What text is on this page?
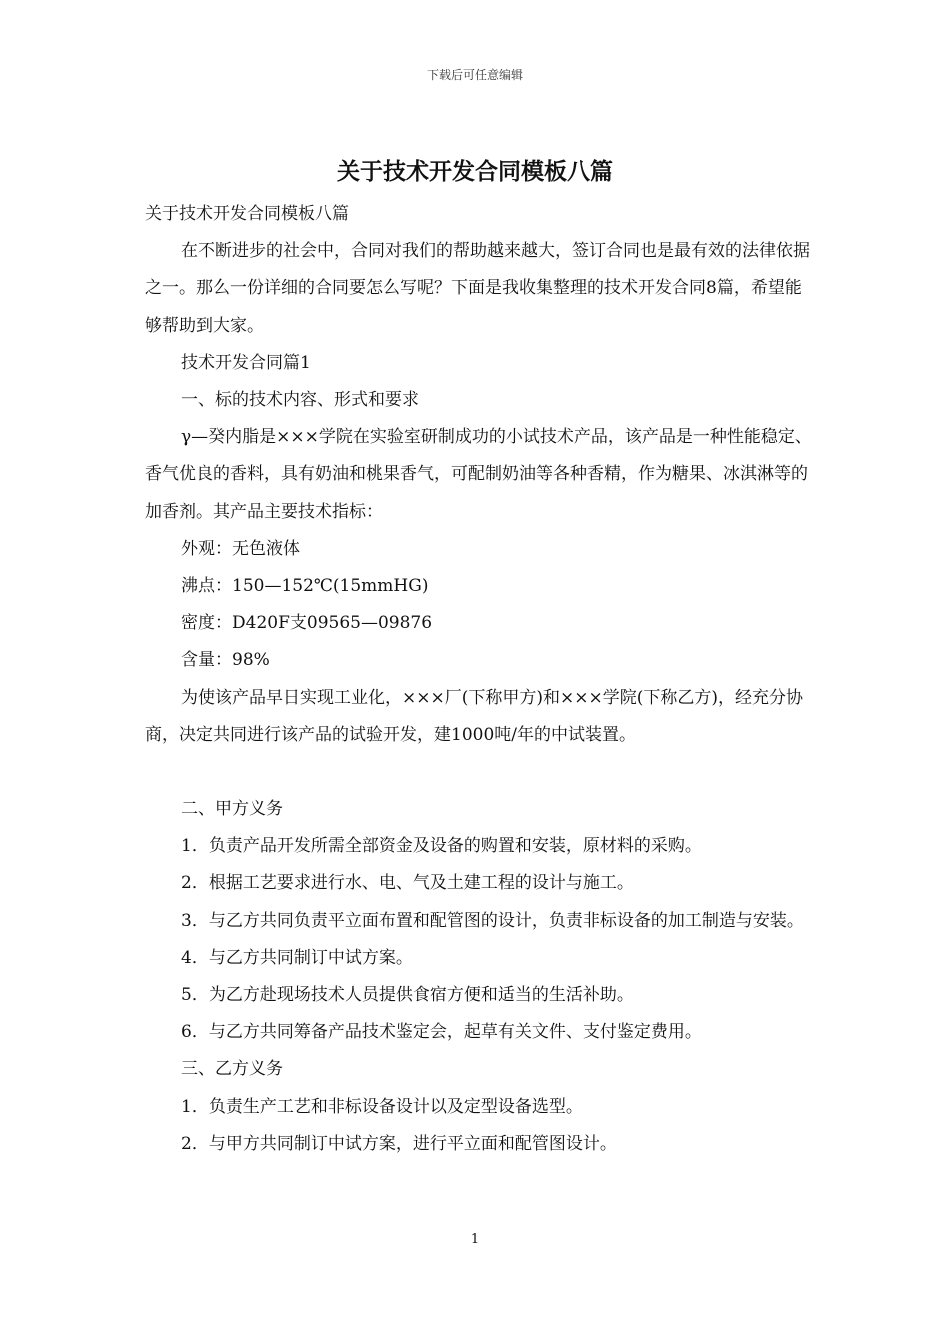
下载后可任意编辑
关于技术开发合同模板八篇

关于技术开发合同模板八篇

在不断进步的社会中，合同对我们的帮助越来越大，签订合同也是最有效的法律依据之一。那么一份详细的合同要怎么写呢？下面是我收集整理的技术开发合同8篇，希望能够帮助到大家。

技术开发合同篇1

一、标的技术内容、形式和要求

γ—癸内脂是×××学院在实验室研制成功的小试技术产品，该产品是一种性能稳定、香气优良的香料，具有奶油和桃果香气，可配制奶油等各种香精，作为糖果、冰淇淋等的加香剂。其产品主要技术指标：

外观：无色液体

沸点：150—152℃(15mmHG)

密度：D420F支09565—09876

含量：98%

为使该产品早日实现工业化，×××厂(下称甲方)和×××学院(下称乙方)，经充分协商，决定共同进行该产品的试验开发，建1000吨/年的中试装置。

二、甲方义务

1．负责产品开发所需全部资金及设备的购置和安装，原材料的采购。

2．根据工艺要求进行水、电、气及土建工程的设计与施工。

3．与乙方共同负责平立面布置和配管图的设计，负责非标设备的加工制造与安装。

4．与乙方共同制订中试方案。

5．为乙方赴现场技术人员提供食宿方便和适当的生活补助。

6．与乙方共同筹备产品技术鉴定会，起草有关文件、支付鉴定费用。

三、乙方义务

1．负责生产工艺和非标设备设计以及定型设备选型。

2．与甲方共同制订中试方案，进行平立面和配管图设计。

1
